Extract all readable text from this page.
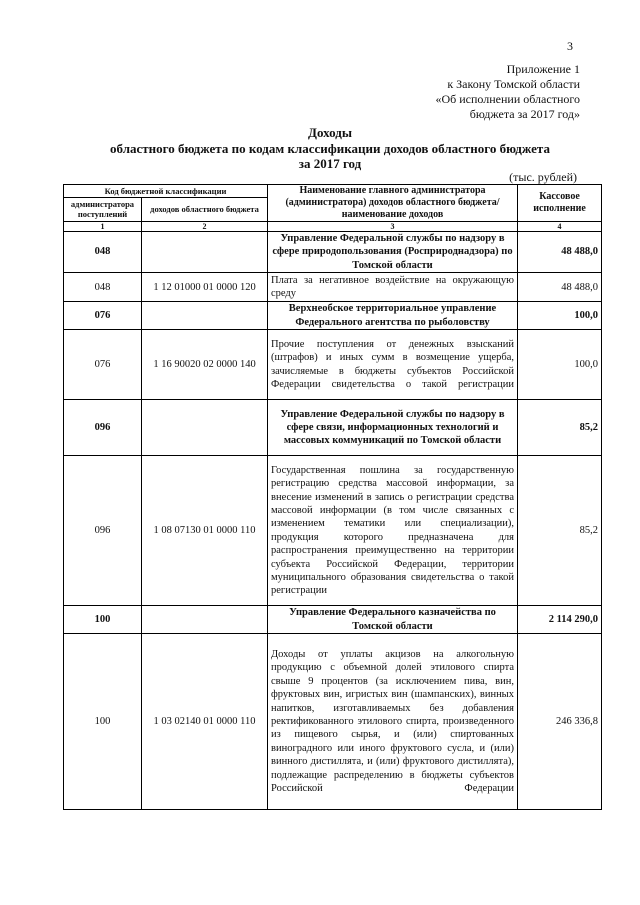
3
Приложение 1
к Закону Томской области
«Об исполнении областного
бюджета за 2017 год»
Доходы
областного бюджета по кодам классификации доходов областного бюджета
за 2017 год
(тыс. рублей)
Код бюджетной классификации		Наименование главного администратора (администратора) доходов областного бюджета/ наименование доходов	Кассовое исполнение
администратора поступлений	доходов областного бюджета		
1	2	3	4
048		Управление Федеральной службы по надзору в сфере природопользования (Росприроднадзора) по Томской области	48 488,0
048	1 12 01000 01 0000 120	Плата за негативное воздействие на окружающую среду	48 488,0
076		Верхнеобское территориальное управление Федерального агентства по рыболовству	100,0
076	1 16 90020 02 0000 140	Прочие поступления от денежных взысканий (штрафов) и иных сумм в возмещение ущерба, зачисляемые в бюджеты субъектов Российской Федерации свидетельства о такой регистрации	100,0
096		Управление Федеральной службы по надзору в сфере связи, информационных технологий и массовых коммуникаций по Томской области	85,2
096	1 08 07130 01 0000 110	Государственная пошлина за государственную регистрацию средства массовой информации, за внесение изменений в запись о регистрации средства массовой информации (в том числе связанных с изменением тематики или специализации), продукция которого предназначена для распространения преимущественно на территории субъекта Российской Федерации, территории муниципального образования свидетельства о такой регистрации	85,2
100		Управление Федерального казначейства по Томской области	2 114 290,0
100	1 03 02140 01 0000 110	Доходы от уплаты акцизов на алкогольную продукцию с объемной долей этилового спирта свыше 9 процентов (за исключением пива, вин, фруктовых вин, игристых вин (шампанских), винных напитков, изготавливаемых без добавления ректификованного этилового спирта, произведенного из пищевого сырья, и (или) спиртованных виноградного или иного фруктового сусла, и (или) винного дистиллята, и (или) фруктового дистиллята), подлежащие распределению в бюджеты субъектов Российской Федерации	246 336,8
